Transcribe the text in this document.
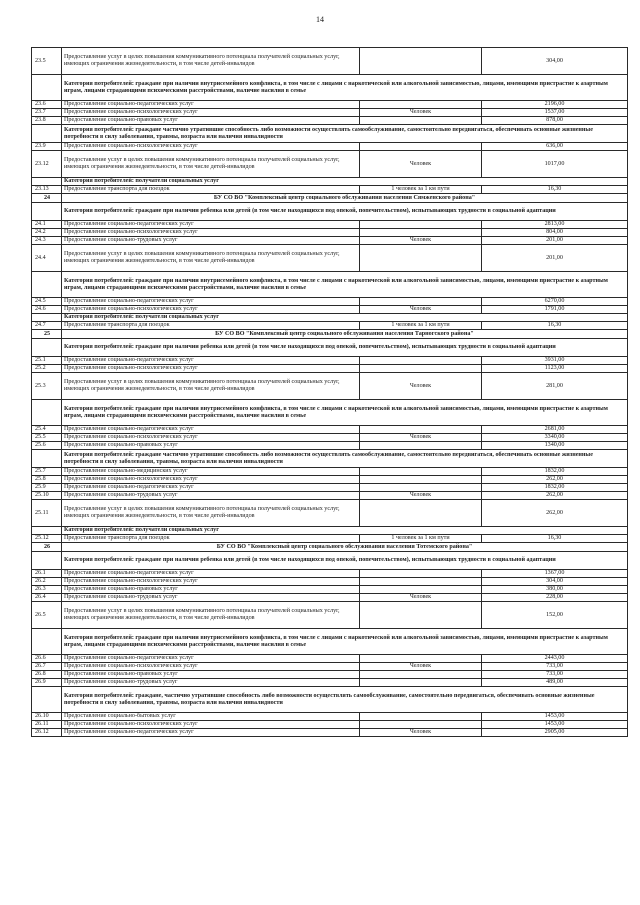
14
23.5	Предоставление услуг в целях повышения коммуникативного потенциала получателей социальных услуг, имеющих ограничения жизнедеятельности, в том числе детей-инвалидов		304,00
	Категория потребителей: граждане при наличии внутрисемейного конфликта, в том числе с лицами с наркотической или алкогольной зависимостью, лицами, имеющими пристрастие к азартным играм, лицами страдающими психическими расстройствами, наличие насилия в семье		
23.6	Предоставление социально-педагогических услуг		2196,00
23.7	Предоставление социально-психологических услуг	Человек	1537,00
23.8	Предоставление социально-правовых услуг		878,00
	Категория потребителей: граждане частично утратившие способность либо возможности осуществлять самообслуживание, самостоятельно передвигаться, обеспечивать основные жизненные потребности в силу заболевания, травмы, возраста или наличия инвалидности		
23.9	Предоставление социально-психологических услуг		636,00
23.12	Предоставление услуг в целях повышения коммуникативного потенциала получателей социальных услуг, имеющих ограничения жизнедеятельности, в том числе детей-инвалидов	Человек	1017,00
	Категория потребителей: получатели социальных услуг		
23.13	Предоставление транспорта для поездок	1 человек за 1 км пути	16,30
24	БУ СО ВО "Комплексный центр социального обслуживания населения Сямженского района"		
	Категория потребителей: граждане при наличии ребенка или детей (в том числе находящихся под опекой, попечительством), испытывающих трудности в социальной адаптации		
24.1	Предоставление социально-педагогических услуг		2813,00
24.2	Предоставление социально-психологических услуг		804,00
24.3	Предоставление социально-трудовых услуг	Человек	201,00
24.4	Предоставление услуг в целях повышения коммуникативного потенциала получателей социальных услуг, имеющих ограничения жизнедеятельности, в том числе детей-инвалидов		201,00
	Категория потребителей: граждане при наличии внутрисемейного конфликта, в том числе с лицами с наркотической или алкогольной зависимостью, лицами, имеющими пристрастие к азартным играм, лицами страдающими психическими расстройствами, наличие насилия в семье		
24.5	Предоставление социально-педагогических услуг		6270,00
24.6	Предоставление социально-психологических услуг	Человек	1791,00
	Категория потребителей: получатели социальных услуг		
24.7	Предоставление транспорта для поездок	1 человек за 1 км пути	16,30
25	БУ СО ВО "Комплексный центр социального обслуживания населения Тарногского района"		
	Категория потребителей: граждане при наличии ребенка или детей (в том числе находящихся под опекой, попечительством), испытывающих трудности в социальной адаптации		
25.1	Предоставление социально-педагогических услуг		3931,00
25.2	Предоставление социально-психологических услуг		1123,00
25.3	Предоставление услуг в целях повышения коммуникативного потенциала получателей социальных услуг, имеющих ограничения жизнедеятельности, в том числе детей-инвалидов	Человек	281,00
	Категория потребителей: граждане при наличии внутрисемейного конфликта, в том числе с лицами с наркотической или алкогольной зависимостью, лицами, имеющими пристрастие к азартным играм, лицами страдающими психическими расстройствами, наличие насилия в семье		
25.4	Предоставление социально-педагогических услуг		2681,00
25.5	Предоставление социально-психологических услуг	Человек	3340,00
25.6	Предоставление социально-правовых услуг		1340,00
	Категория потребителей: граждане частично утратившие способность либо возможности осуществлять самообслуживание, самостоятельно передвигаться, обеспечивать основные жизненные потребности в силу заболевания, травмы, возраста или наличия инвалидности		
25.7	Предоставление социально-медицинских услуг		1832,00
25.8	Предоставление социально-психологических услуг		262,00
25.9	Предоставление социально-педагогических услуг		1832,00
25.10	Предоставление социально-трудовых услуг	Человек	262,00
25.11	Предоставление услуг в целях повышения коммуникативного потенциала получателей социальных услуг, имеющих ограничения жизнедеятельности, в том числе детей-инвалидов		262,00
	Категория потребителей: получатели социальных услуг		
25.12	Предоставление транспорта для поездок	1 человек за 1 км пути	16,30
26	БУ СО ВО "Комплексный центр социального обслуживания населения Тотемского района"		
	Категория потребителей: граждане при наличии ребенка или детей (в том числе находящихся под опекой, попечительством), испытывающих трудности в социальной адаптации		
26.1	Предоставление социально-педагогических услуг		1367,00
26.2	Предоставление социально-психологических услуг		304,00
26.3	Предоставление социально-правовых услуг		380,00
26.4	Предоставление социально-трудовых услуг	Человек	228,00
26.5	Предоставление услуг в целях повышения коммуникативного потенциала получателей социальных услуг, имеющих ограничения жизнедеятельности, в том числе детей-инвалидов		152,00
	Категория потребителей: граждане при наличии внутрисемейного конфликта, в том числе с лицами с наркотической или алкогольной зависимостью, лицами, имеющими пристрастие к азартным играм, лицами страдающими психическими расстройствами, наличие насилия в семье		
26.6	Предоставление социально-педагогических услуг		2443,00
26.7	Предоставление социально-психологических услуг	Человек	733,00
26.8	Предоставление социально-правовых услуг		733,00
26.9	Предоставление социально-трудовых услуг		489,00
	Категория потребителей: граждане, частично утратившие способность либо возможности осуществлять самообслуживание, самостоятельно передвигаться, обеспечивать основные жизненные потребности в силу заболевания, травмы, возраста или наличия инвалидности		
26.10	Предоставление социально-бытовых услуг		1453,00
26.11	Предоставление социально-психологических услуг		1453,00
26.12	Предоставление социально-педагогических услуг	Человек	2905,00
